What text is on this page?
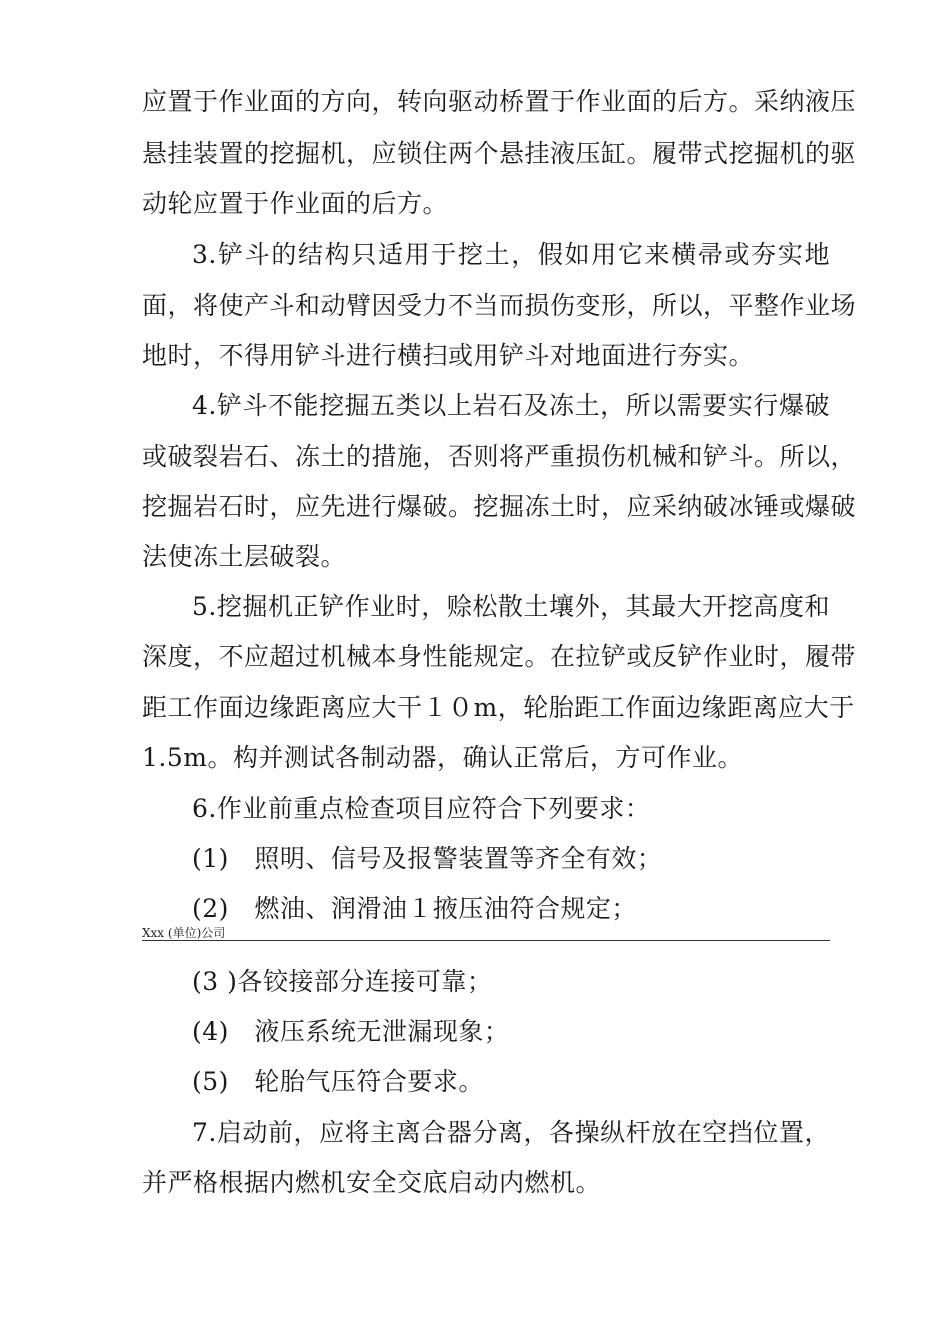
应置于作业面的方向，转向驱动桥置于作业面的后方。采纳液压
悬挂装置的挖掘机，应锁住两个悬挂液压缸。履带式挖掘机的驱
动轮应置于作业面的后方。
3.铲斗的结构只适用于挖土，假如用它来横帚或夯实地
面，将使产斗和动臂因受力不当而损伤变形，所以，平整作业场
地时，不得用铲斗进行横扫或用铲斗对地面进行夯实。
4.铲斗不能挖掘五类以上岩石及冻土，所以需要实行爆破
或破裂岩石、冻土的措施，否则将严重损伤机械和铲斗。所以，
挖掘岩石时，应先进行爆破。挖掘冻土时，应采纳破冰锤或爆破
法使冻土层破裂。
5.挖掘机正铲作业时，赊松散土壤外，其最大开挖高度和
深度，不应超过机械本身性能规定。在拉铲或反铲作业时，履带
距工作面边缘距离应大干１０m，轮胎距工作面边缘距离应大于
1.5m。构并测试各制动器，确认正常后，方可作业。
6.作业前重点检查项目应符合下列要求：
(1)　照明、信号及报警装置等齐全有效；
(2)　燃油、润滑油１掖压油符合规定；
Xxx (单位)公司
(3 )各铰接部分连接可靠；
(4)　液压系统无泄漏现象；
(5)　轮胎气压符合要求。
7.启动前，应将主离合器分离，各操纵杆放在空挡位置，
并严格根据内燃机安全交底启动内燃机。
